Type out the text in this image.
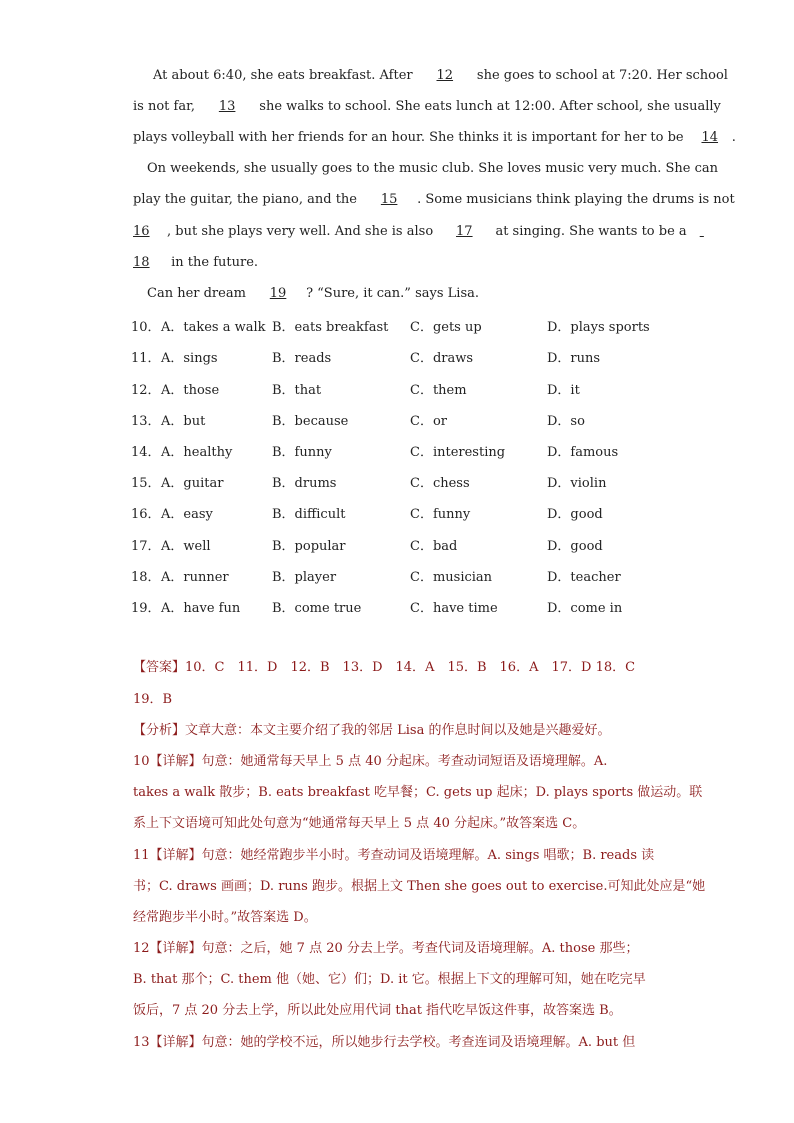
At about 6:40, she eats breakfast. After 12 she goes to school at 7:20. Her school
is not far, 13 she walks to school. She eats lunch at 12:00. After school, she usually
plays volleyball with her friends for an hour. She thinks it is important for her to be 14 .
On weekends, she usually goes to the music club. She loves music very much. She can
play the guitar, the piano, and the 15 . Some musicians think playing the drums is not
16 , but she plays very well. And she is also 17 at singing. She wants to be a
18 in the future.
Can her dream 19 ? “Sure, it can.” says Lisa.
10． A．takes a walk B．eats breakfast C．gets up	D．plays sports
11． A．sings	B．reads	C．draws	D．runs
12． A．those	B．that	C．them	D．it
13． A．but	B．because	C．or	D．so
14． A．healthy	B．funny	C．interesting	D．famous
15． A．guitar	B．drums	C．chess	D．violin
16． A．easy	B．difficult	C．funny	D．good
17． A．well	B．popular	C．bad	D．good
18． A．runner	B．player	C．musician	D．teacher
19． A．have fun B．come true	C．have time	D．come in
【答案】10．C　11．D　12．B　13．D　14．A　15．B　16．A　17．D 18．C
19．B
【分析】文章大意：本文主要介绍了我的邻居 Lisa 的作息时间以及她是兴趣爱好。
10【详解】句意：她通常每天早上 5 点 40 分起床。考查动词短语及语境理解。A.
takes a walk 散步；B. eats breakfast 吃早餐；C. gets up 起床；D. plays sports 做运动。联
系上下文语境可知此处句意为“她通常每天早上 5 点 40 分起床。”故答案选 C。
11【详解】句意：她经常跑步半小时。考查动词及语境理解。A. sings 唱歌；B. reads 读
书；C. draws 画画；D. runs 跑步。根据上文 Then she goes out to exercise.可知此处应是“她
经常跑步半小时。”故答案选 D。
12【详解】句意：之后，她 7 点 20 分去上学。考查代词及语境理解。A. those 那些；
B. that 那个；C. them 他（她、它）们；D. it 它。根据上下文的理解可知，她在吃完早
饭后，7 点 20 分去上学，所以此处应用代词 that 指代吃早饭这件事，故答案选 B。
13【详解】句意：她的学校不远，所以她步行去学校。考查连词及语境理解。A. but 但
